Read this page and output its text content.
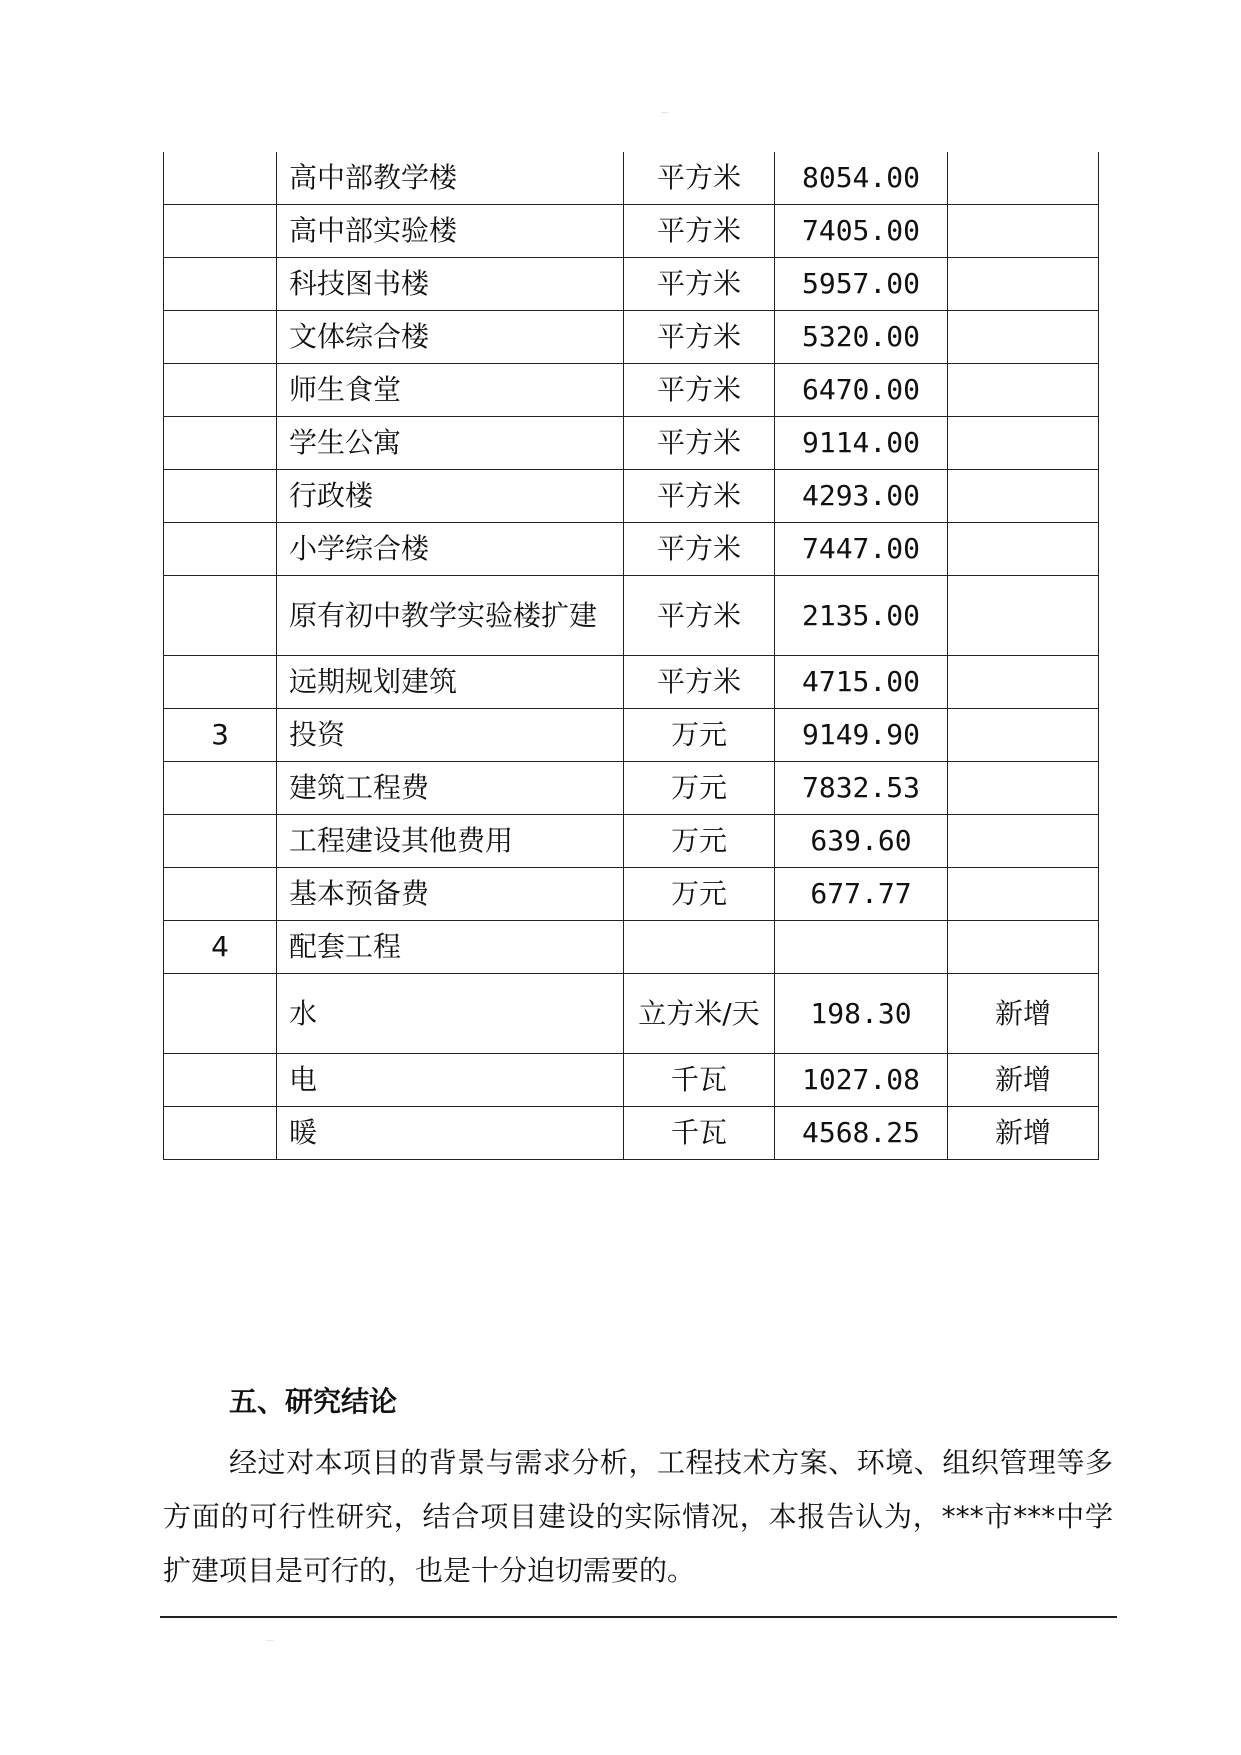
—
	高中部教学楼	平方米	8054.00	
	高中部实验楼	平方米	7405.00	
	科技图书楼	平方米	5957.00	
	文体综合楼	平方米	5320.00	
	师生食堂	平方米	6470.00	
	学生公寓	平方米	9114.00	
	行政楼	平方米	4293.00	
	小学综合楼	平方米	7447.00	
	原有初中教学实验楼扩建	平方米	2135.00	
	远期规划建筑	平方米	4715.00	
3	投资	万元	9149.90	
	建筑工程费	万元	7832.53	
	工程建设其他费用	万元	639.60	
	基本预备费	万元	677.77	
4	配套工程			
	水	立方米/天	198.30	新增
	电	千瓦	1027.08	新增
	暖	千瓦	4568.25	新增
五、研究结论

经过对本项目的背景与需求分析，工程技术方案、环境、组织管理等多方面的可行性研究，结合项目建设的实际情况，本报告认为，***市***中学扩建项目是可行的，也是十分迫切需要的。

—
